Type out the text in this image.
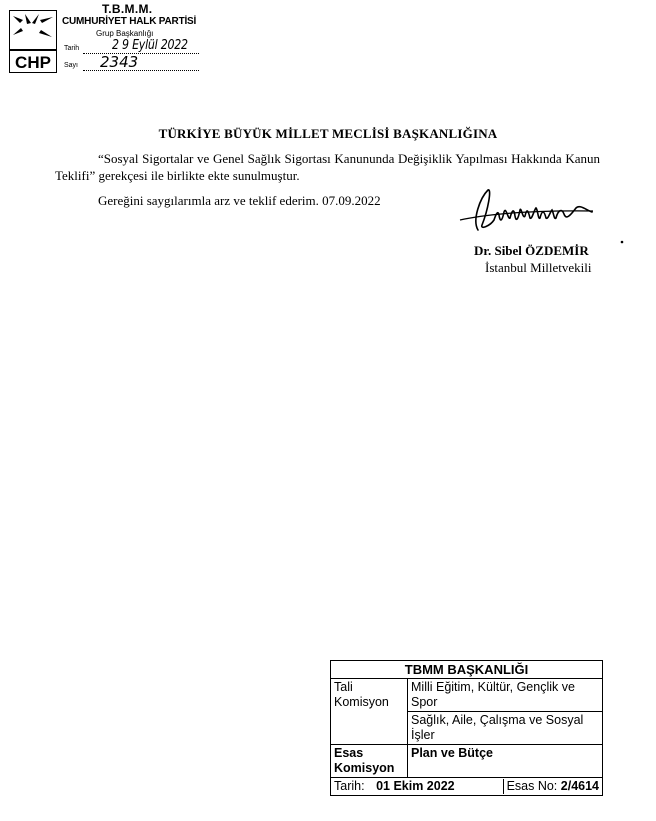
CHP
T.B.M.M.
CUMHURİYET HALK PARTİSİ
Grup Başkanlığı
Tarih	2 9 Eylül 2022
Sayı 2343
TÜRKİYE BÜYÜK MİLLET MECLİSİ BAŞKANLIĞINA
“Sosyal Sigortalar ve Genel Sağlık Sigortası Kanununda Değişiklik Yapılması Hakkında Kanun Teklifi” gerekçesi ile birlikte ekte sunulmuştur.
Gereğini saygılarımla arz ve teklif ederim. 07.09.2022
Dr. Sibel ÖZDEMİR
İstanbul Milletvekili
TBMM BAŞKANLIĞI	
Tali Komisyon	Milli Eğitim, Kültür, Gençlik ve Spor
	Sağlık, Aile, Çalışma ve Sosyal İşler
Esas Komisyon	Plan ve Bütçe

Tarih: 01 Ekim 2022 Esas No: 2/4614	
